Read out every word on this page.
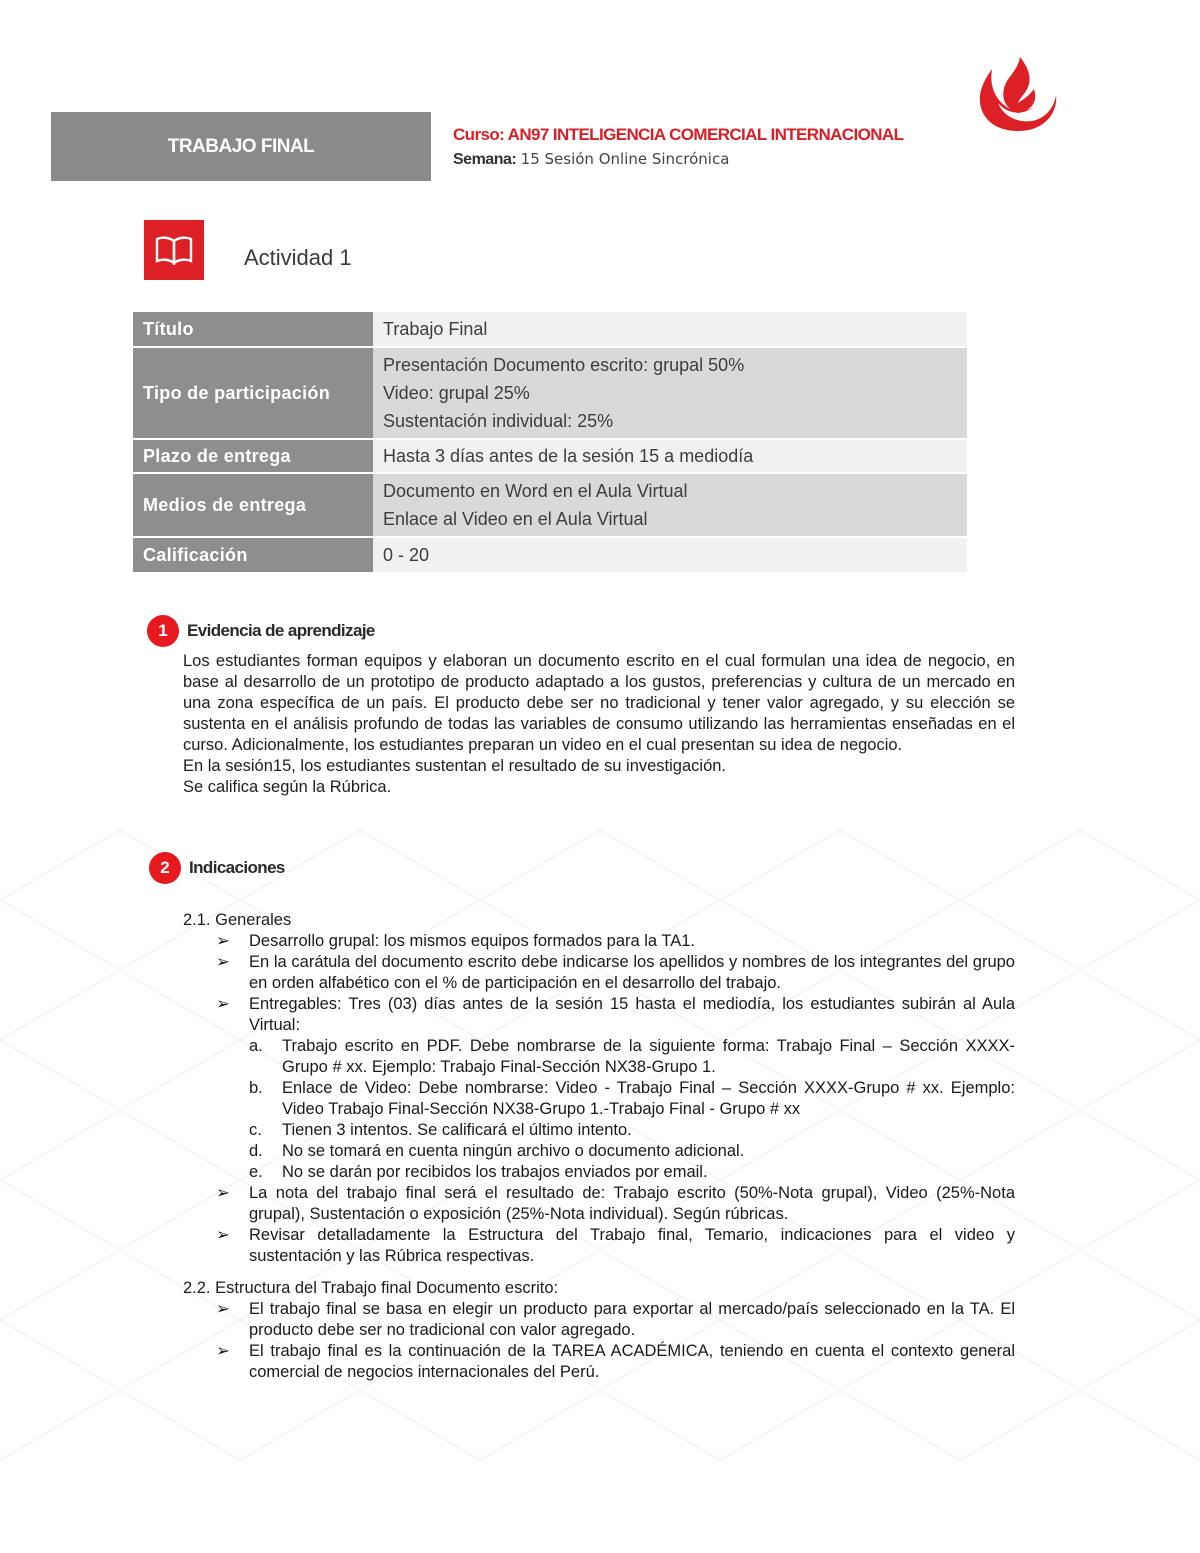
TRABAJO FINAL
Curso: AN97 INTELIGENCIA COMERCIAL INTERNACIONAL
Semana: 15 Sesión Online Sincrónica
Actividad 1
Título	Trabajo Final
Tipo de participación	Presentación Documento escrito: grupal 50%
Video: grupal 25%
Sustentación individual: 25%

Plazo de entrega	Hasta 3 días antes de la sesión 15 a mediodía
Medios de entrega	Documento en Word en el Aula Virtual
Enlace al Video en el Aula Virtual

Calificación	0 - 20
1	Evidencia de aprendizaje
Los estudiantes forman equipos y elaboran un documento escrito en el cual formulan una idea de negocio, en base al desarrollo de un prototipo de producto adaptado a los gustos, preferencias y cultura de un mercado en una zona específica de un país. El producto debe ser no tradicional y tener valor agregado, y su elección se sustenta en el análisis profundo de todas las variables de consumo utilizando las herramientas enseñadas en el curso. Adicionalmente, los estudiantes preparan un video en el cual presentan su idea de negocio.
En la sesión15, los estudiantes sustentan el resultado de su investigación.
Se califica según la Rúbrica.
2	Indicaciones
2.1. Generales
➢ Desarrollo grupal: los mismos equipos formados para la TA1.
➢ En la carátula del documento escrito debe indicarse los apellidos y nombres de los integrantes del grupo en orden alfabético con el % de participación en el desarrollo del trabajo.
➢ Entregables: Tres (03) días antes de la sesión 15 hasta el mediodía, los estudiantes subirán al Aula Virtual:
a. Trabajo escrito en PDF. Debe nombrarse de la siguiente forma: Trabajo Final – Sección XXXX-Grupo # xx. Ejemplo: Trabajo Final-Sección NX38-Grupo 1.
b. Enlace de Video: Debe nombrarse: Video - Trabajo Final – Sección XXXX-Grupo # xx. Ejemplo: Video Trabajo Final-Sección NX38-Grupo 1.-Trabajo Final - Grupo # xx
c. Tienen 3 intentos. Se calificará el último intento.
d. No se tomará en cuenta ningún archivo o documento adicional.
e. No se darán por recibidos los trabajos enviados por email.
➢ La nota del trabajo final será el resultado de: Trabajo escrito (50%-Nota grupal), Video (25%-Nota grupal), Sustentación o exposición (25%-Nota individual). Según rúbricas.
➢ Revisar detalladamente la Estructura del Trabajo final, Temario, indicaciones para el video y sustentación y las Rúbrica respectivas.
2.2. Estructura del Trabajo final Documento escrito:
➢ El trabajo final se basa en elegir un producto para exportar al mercado/país seleccionado en la TA. El producto debe ser no tradicional con valor agregado.
➢ El trabajo final es la continuación de la TAREA ACADÉMICA, teniendo en cuenta el contexto general comercial de negocios internacionales del Perú.
